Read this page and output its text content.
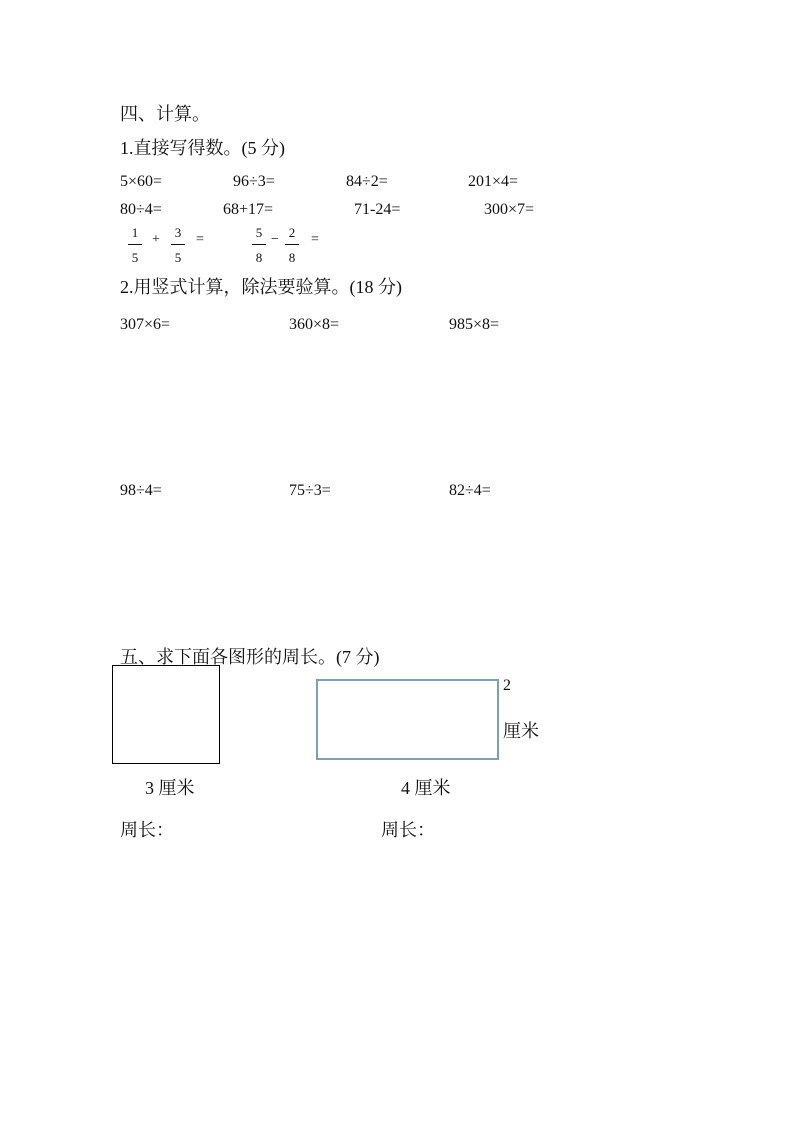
四、计算。
1.直接写得数。(5 分)
5×60=	96÷3=	84÷2=	201×4=
80÷4=	68+17=	71-24=	300×7=
1
5
+ 3
5
=	5
8
− 2
8
=
2.用竖式计算，除法要验算。(18 分)
307×6=	360×8=	985×8=
98÷4=	75÷3=	82÷4=
五、求下面各图形的周长。(7 分)
2
厘米
3 厘米	4 厘米
周长：	周长：
